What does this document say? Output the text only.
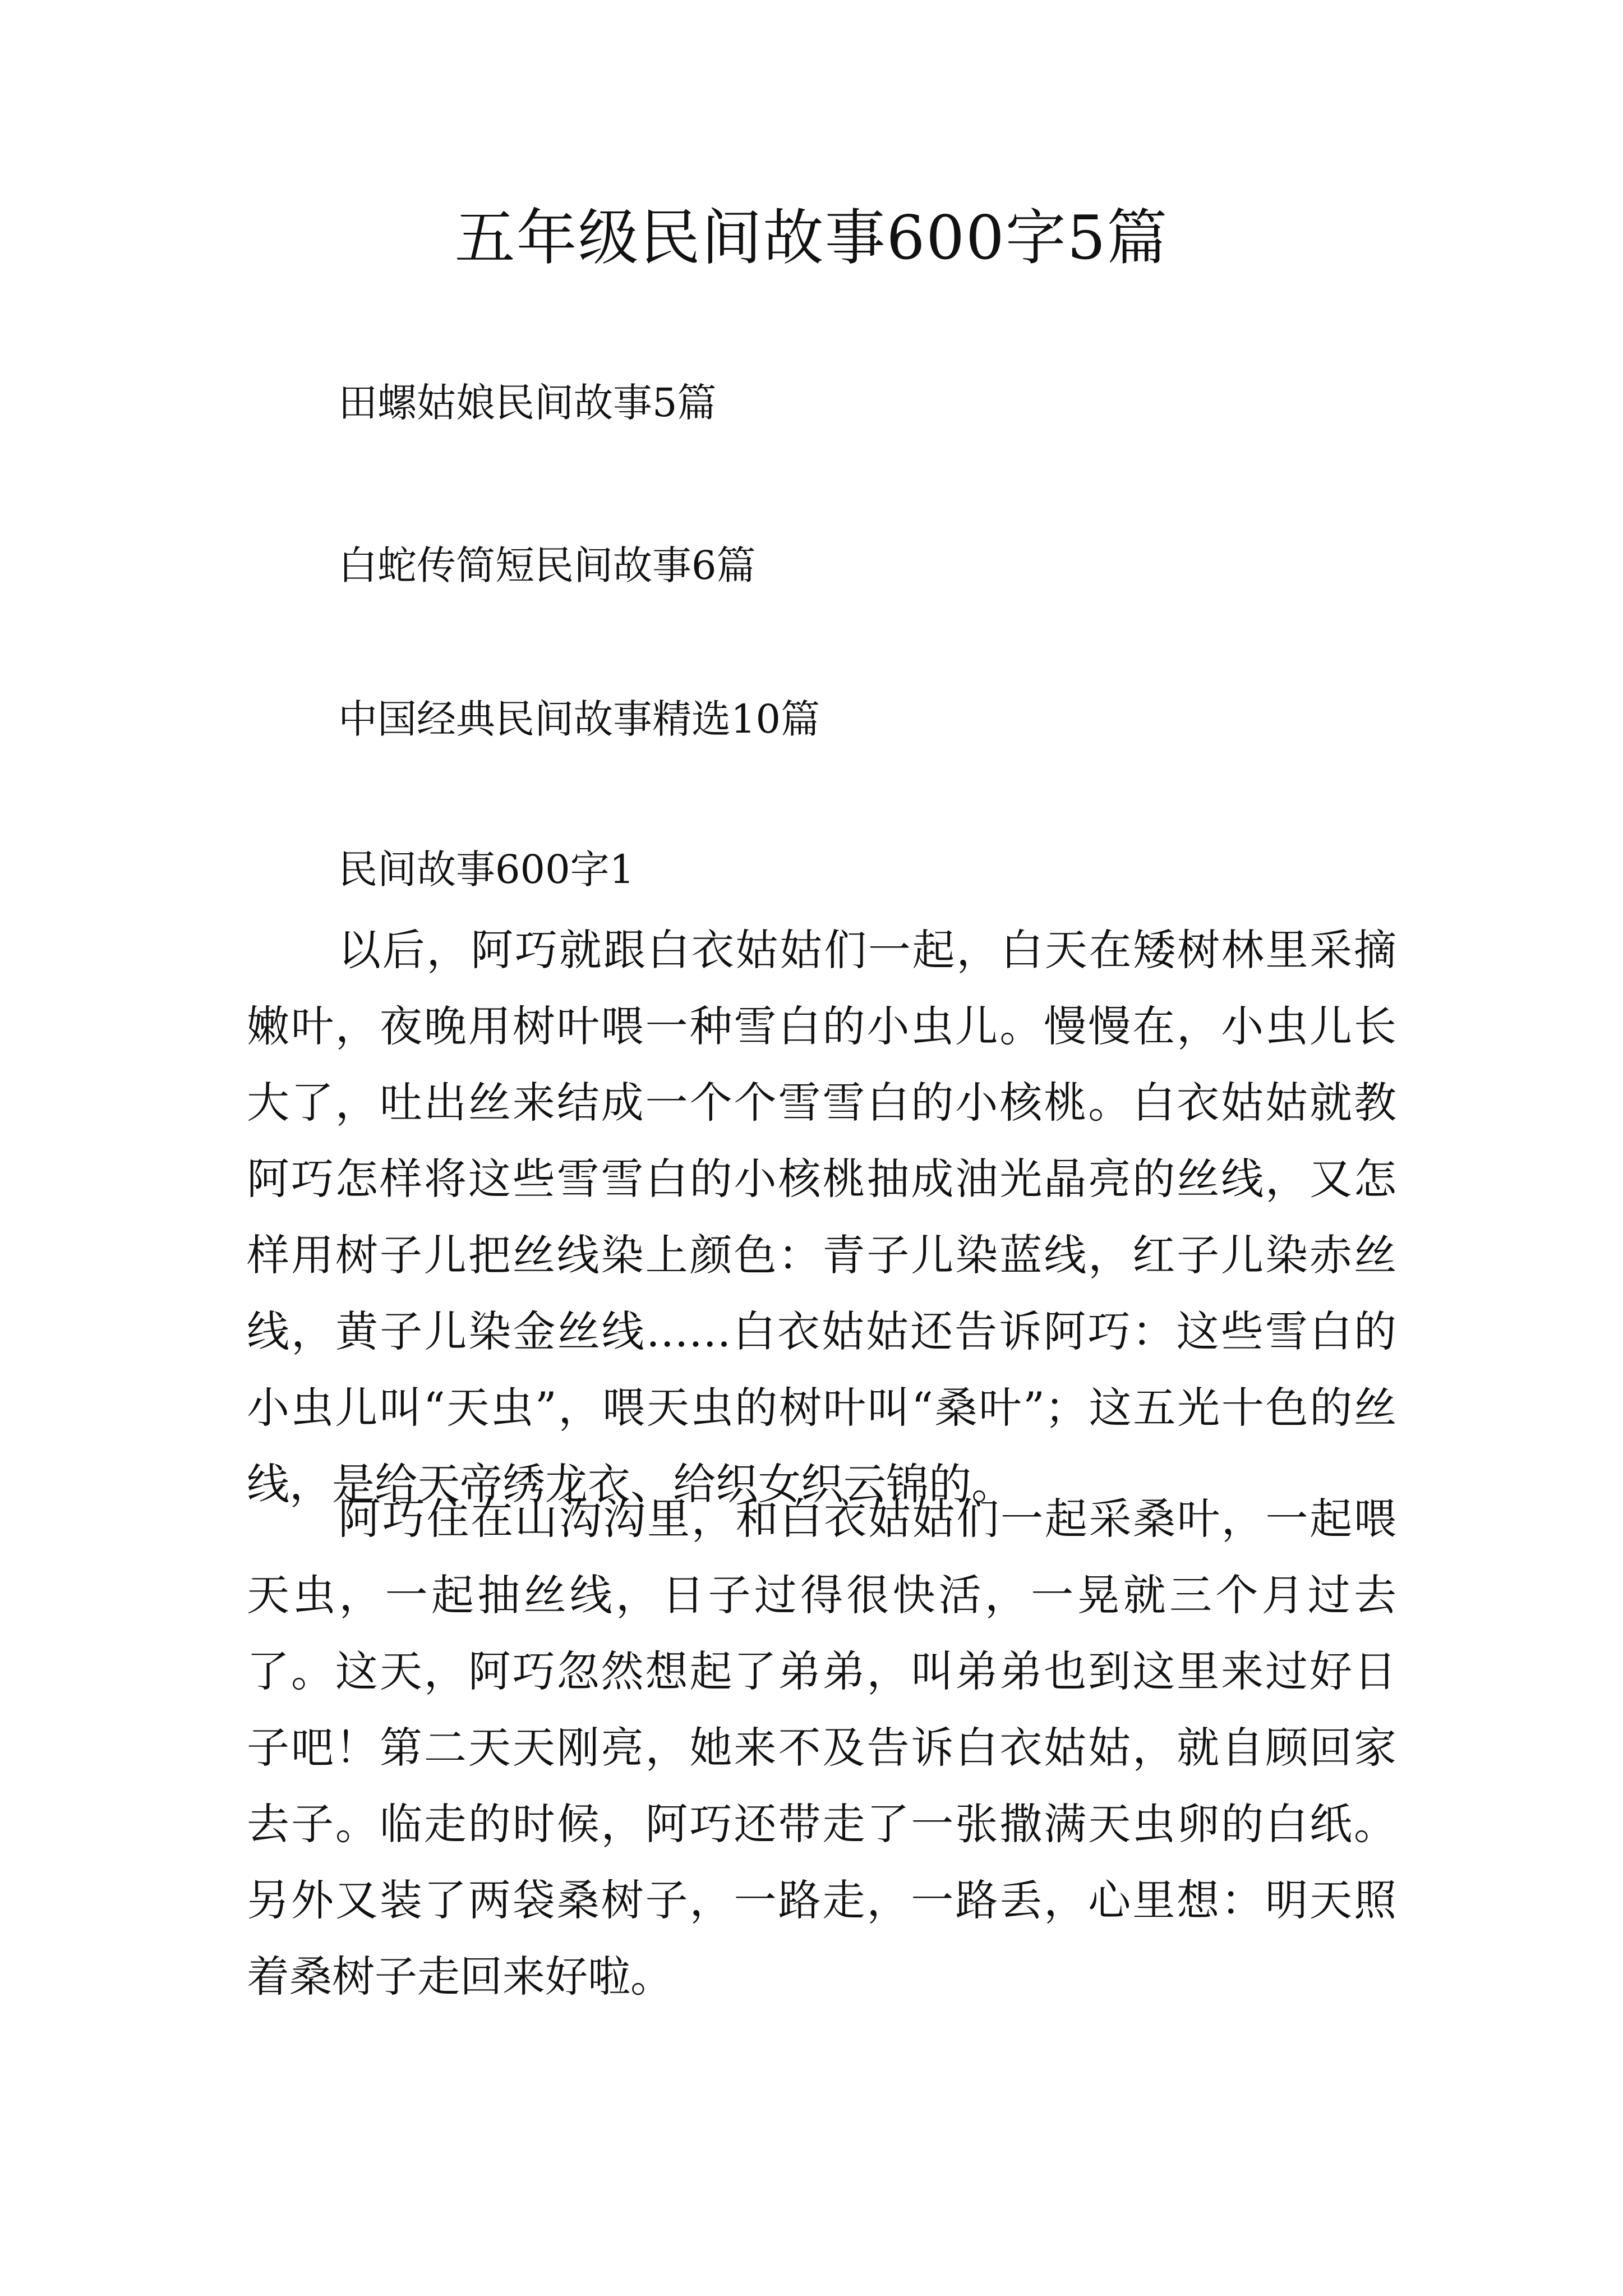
五年级民间故事600字5篇
田螺姑娘民间故事5篇
白蛇传简短民间故事6篇
中国经典民间故事精选10篇
民间故事600字1

以后，阿巧就跟白衣姑姑们一起，白天在矮树林里采摘嫩叶，夜晚用树叶喂一种雪白的小虫儿。慢慢在，小虫儿长大了，吐出丝来结成一个个雪雪白的小核桃。白衣姑姑就教阿巧怎样将这些雪雪白的小核桃抽成油光晶亮的丝线，又怎样用树子儿把丝线染上颜色：青子儿染蓝线，红子儿染赤丝线，黄子儿染金丝线……白衣姑姑还告诉阿巧：这些雪白的小虫儿叫“天虫”，喂天虫的树叶叫“桑叶”；这五光十色的丝线，是给天帝绣龙衣、给织女织云锦的。

阿巧住在山沟沟里，和白衣姑姑们一起采桑叶，一起喂天虫，一起抽丝线，日子过得很快活，一晃就三个月过去了。这天，阿巧忽然想起了弟弟，叫弟弟也到这里来过好日子吧！第二天天刚亮，她来不及告诉白衣姑姑，就自顾回家去子。临走的时候，阿巧还带走了一张撒满天虫卵的白纸。另外又装了两袋桑树子，一路走，一路丢，心里想：明天照着桑树子走回来好啦。
